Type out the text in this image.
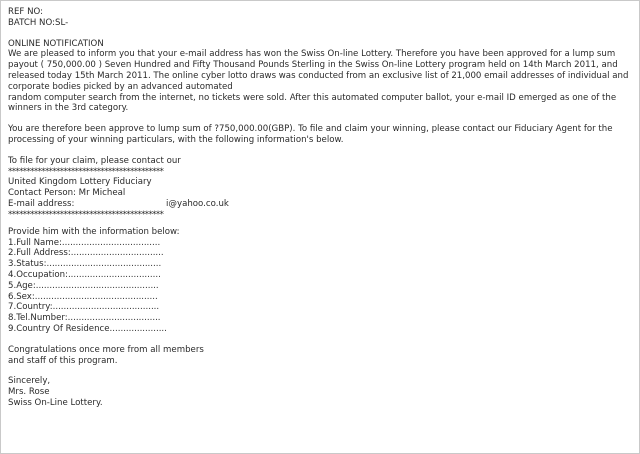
REF NO:
BATCH NO:SL-
ONLINE NOTIFICATION
We are pleased to inform you that your e-mail address has won the Swiss On-line Lottery. Therefore you have been approved for a lump sum payout ( 750,000.00 ) Seven Hundred and Fifty Thousand Pounds Sterling in the Swiss On-line Lottery program held on 14th March 2011, and released today 15th March 2011. The online cyber lotto draws was conducted from an exclusive list of 21,000 email addresses of individual and corporate bodies picked by an advanced automated
random computer search from the internet, no tickets were sold. After this automated computer ballot, your e-mail ID emerged as one of the winners in the 3rd category.
You are therefore been approve to lump sum of ?750,000.00(GBP). To file and claim your winning, please contact our Fiduciary Agent for the processing of your winning particulars, with the following information's below.
To file for your claim, please contact our
******************************************
United Kingdom Lottery Fiduciary
Contact Person: Mr Micheal
E-mail address:	i@yahoo.co.uk
******************************************
Provide him with the information below:
1.Full Name:....................................
2.Full Address:..................................
3.Status:..........................................
4.Occupation:..................................
5.Age:.............................................
6.Sex:.............................................
7.Country:.......................................
8.Tel.Number:..................................
9.Country Of Residence.....................
Congratulations once more from all members
and staff of this program.
Sincerely,
Mrs. Rose
Swiss On-Line Lottery.
